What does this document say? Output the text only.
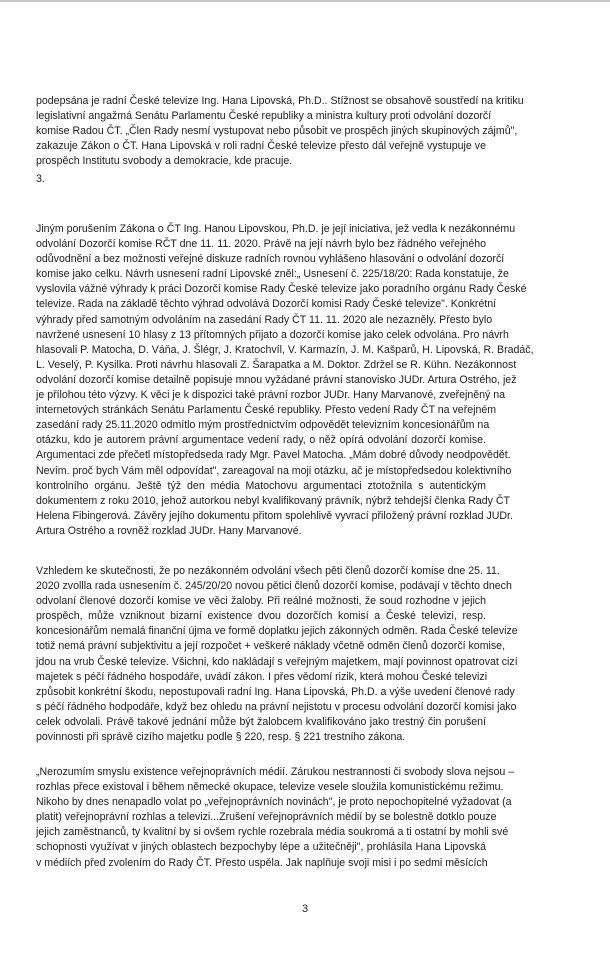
podepsána je radní České televize Ing. Hana Lipovská, Ph.D.. Stížnost se obsahově soustředí na kritiku
legislativní angažmá Senátu Parlamentu České republiky a ministra kultury proti odvolání dozorčí
komise Radou ČT. „Člen Rady nesmí vystupovat nebo působit ve prospěch jiných skupinových zájmů",
zakazuje Zákon o ČT. Hana Lipovská v roli radní České televize přesto dál veřejně vystupuje ve
prospěch Institutu svobody a demokracie, kde pracuje.
3.
Jiným porušením Zákona o ČT Ing. Hanou Lipovskou, Ph.D. je její iniciativa, jež vedla k nezákonnému
odvolání Dozorčí komise RČT dne 11. 11. 2020. Právě na její návrh bylo bez řádného veřejného
odůvodnění a bez možnosti veřejné diskuze radních rovnou vyhlášeno hlasování o odvolání dozorčí
komise jako celku. Návrh usnesení radní Lipovské zněl:„ Usnesení č. 225/18/20: Rada konstatuje, že
vyslovila vážné výhrady k práci Dozorčí komise Rady České televize jako poradního orgánu Rady České
televize. Rada na základě těchto výhrad odvolává Dozorčí komisi Rady České televize". Konkrétní
výhrady před samotným odvoláním na zasedání Rady ČT 11. 11. 2020 ale nezazněly. Přesto bylo
navržené usnesení 10 hlasy z 13 přítomných přijato a dozorčí komise jako celek odvolána. Pro návrh
hlasovali P. Matocha, D. Váňa, J. Šlégr, J. Kratochvíl, V. Karmazín, J. M. Kašparů, H. Lipovská, R. Bradáč,
L. Veselý, P. Kysilka. Proti návrhu hlasovali Z. Šarapatka a M. Doktor. Zdržel se R. Kühn. Nezákonnost
odvolání dozorčí komise detailně popisuje mnou vyžádané právní stanovisko JUDr. Artura Ostrého, jež
je přílohou této výzvy. K věci je k dispozici také právní rozbor JUDr. Hany Marvanové, zveřejněný na
internetových stránkách Senátu Parlamentu České republiky. Přesto vedení Rady ČT na veřejném
zasedání rady 25.11.2020 odmítlo mým prostřednictvím odpovědět televizním koncesionářům na
otázku, kdo je autorem právní argumentace vedení rady, o něž opírá odvolání dozorčí komise.
Argumentaci zde přečetl místopředseda rady Mgr. Pavel Matocha. „Mám dobré důvody neodpovědět.
Nevím. proč bych Vám měl odpovídat", zareagoval na moji otázku, ač je místopředsedou kolektivního
kontrolního orgánu. Ještě týž den média Matochovu argumentaci ztotožnila s autentickým
dokumentem z roku 2010, jehož autorkou nebyl kvalifikovaný právník, nýbrž tehdejší členka Rady ČT
Helena Fibingerová. Závěry jejího dokumentu přitom spolehlivě vyvrací přiložený právní rozklad JUDr.
Artura Ostrého a rovněž rozklad JUDr. Hany Marvanové.
Vzhledem ke skutečnosti, že po nezákonném odvolání všech pěti členů dozorčí komise dne 25. 11.
2020 zvollla rada usnesením č. 245/20/20 novou pětici členů dozorčí komise, podávají v těchto dnech
odvolaní členové dozorčí komise ve věci žaloby. Při reálné možnosti, že soud rozhodne v jejich
prospěch, může vzniknout bizarní existence dvou dozorčích komisí a České televizi, resp.
koncesionářům nemalá finanční újma ve formě doplatku jejich zákonných odměn. Rada České televize
totiž nemá právní subjektivitu a její rozpočet + veškeré náklady včetně odměn členů dozorčí komise,
jdou na vrub České televize. Všichni, kdo nakládají s veřejným majetkem, mají povinnost opatrovat cizí
majetek s péčí řádného hospodáře, uvádí zákon. I přes vědomí rizik, která mohou České televizi
způsobit konkrétní škodu, nepostupovali radní Ing. Hana Lipovská, Ph.D. a výše uvedení členové rady
s péčí řádného hodpodáře, když bez ohledu na právní nejistotu v procesu odvolání dozorčí komisi jako
celek odvolali. Právě takové jednání může být žalobcem kvalifikováno jako trestný čin porušení
povinnosti při správě cizího majetku podle § 220, resp. § 221 trestního zákona.
„Nerozumím smyslu existence veřejnoprávních médií. Zárukou nestrannosti či svobody slova nejsou –
rozhlas přece existoval i během německé okupace, televize vesele sloužila komunistickému režimu.
Nikoho by dnes nenapadlo volat po „veřejnoprávních novinách", je proto nepochopitelné vyžadovat (a
platit) veřejnoprávní rozhlas a televizi...Zrušení veřejnoprávních médií by se bolestně dotklo pouze
jejich zaměstnanců, ty kvalitní by si ovšem rychle rozebrala média soukromá a ti ostatní by mohli své
schopnosti využívat v jiných oblastech bezpochyby lépe a užitečněji", prohlásila Hana Lipovská
v médiích před zvolením do Rady ČT. Přesto uspěla. Jak naplňuje svoji misi i po sedmi měsících
3
